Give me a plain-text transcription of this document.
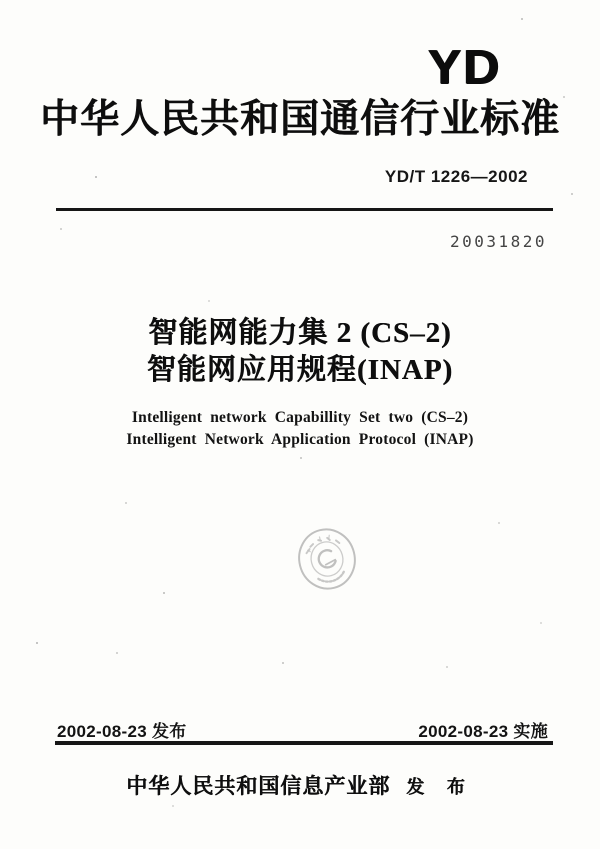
YD
中华人民共和国通信行业标准
YD/T 1226—2002
20031820
智能网能力集 2 (CS–2)
智能网应用规程(INAP)
Intelligent network Capabillity Set two (CS–2)
Intelligent Network Application Protocol (INAP)
2002-08-23 发布	2002-08-23 实施
中华人民共和国信息产业部 发 布
